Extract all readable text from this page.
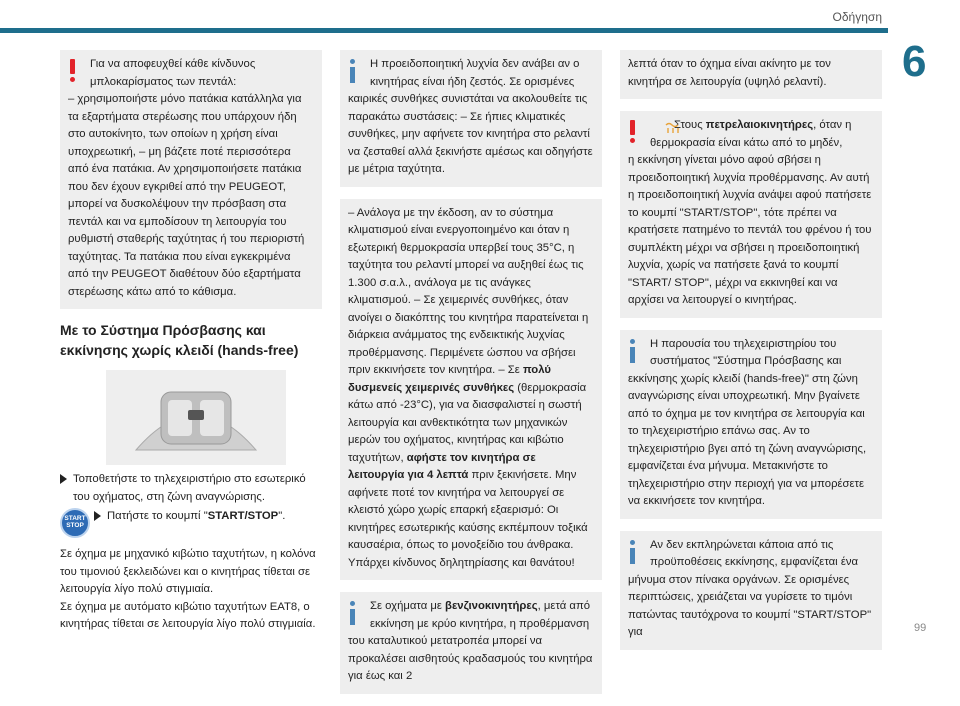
Οδήγηση
6

Για να αποφευχθεί κάθε κίνδυνος

μπλοκαρίσματος των πεντάλ:

– χρησιμοποιήστε μόνο πατάκια κατάλληλα για τα εξαρτήματα στερέωσης που υπάρχουν ήδη στο αυτοκίνητο, των οποίων η χρήση είναι υποχρεωτική, – μη βάζετε ποτέ περισσότερα από ένα πατάκια. Αν χρησιμοποιήσετε πατάκια που δεν έχουν εγκριθεί από την PEUGEOT, μπορεί να δυσκολέψουν την πρόσβαση στα πεντάλ και να εμποδίσουν τη λειτουργία του ρυθμιστή σταθερής ταχύτητας ή του περιοριστή ταχύτητας. Τα πατάκια που είναι εγκεκριμένα από την PEUGEOT διαθέτουν δύο εξαρτήματα στερέωσης κάτω από το κάθισμα.

Με το Σύστημα Πρόσβασης και εκκίνησης χωρίς κλειδί (hands-free)
Τοποθετήστε το τηλεχειριστήριο στο εσωτερικό του οχήματος, στη ζώνη αναγνώρισης.
START
STOP
Πατήστε το κουμπί "START/STOP".

Σε όχημα με μηχανικό κιβώτιο ταχυτήτων, η κολόνα του τιμονιού ξεκλειδώνει και ο κινητήρας τίθεται σε λειτουργία λίγο πολύ στιγμιαία.

Σε όχημα με αυτόματο κιβώτιο ταχυτήτων EAT8, ο κινητήρας τίθεται σε λειτουργία λίγο πολύ στιγμιαία.

Η προειδοποιητική λυχνία δεν ανάβει αν ο

κινητήρας είναι ήδη ζεστός. Σε ορισμένες

καιρικές συνθήκες συνιστάται να ακολουθείτε τις παρακάτω συστάσεις: – Σε ήπιες κλιματικές συνθήκες, μην αφήνετε τον κινητήρα στο ρελαντί να ζεσταθεί αλλά ξεκινήστε αμέσως και οδηγήστε με μέτρια ταχύτητα.

– Ανάλογα με την έκδοση, αν το σύστημα κλιματισμού είναι ενεργοποιημένο και όταν η εξωτερική θερμοκρασία υπερβεί τους 35°C, η ταχύτητα του ρελαντί μπορεί να αυξηθεί έως τις 1.300 σ.α.λ., ανάλογα με τις ανάγκες κλιματισμού. – Σε χειμερινές συνθήκες, όταν ανοίγει ο διακόπτης του κινητήρα παρατείνεται η διάρκεια ανάμματος της ενδεικτικής λυχνίας προθέρμανσης. Περιμένετε ώσπου να σβήσει πριν εκκινήσετε τον κινητήρα. – Σε πολύ δυσμενείς χειμερινές συνθήκες (θερμοκρασία κάτω από -23°C), για να διασφαλιστεί η σωστή λειτουργία και ανθεκτικότητα των μηχανικών μερών του οχήματος, κινητήρας και κιβώτιο ταχυτήτων, αφήστε τον κινητήρα σε λειτουργία για 4 λεπτά πριν ξεκινήσετε. Μην αφήνετε ποτέ τον κινητήρα να λειτουργεί σε κλειστό χώρο χωρίς επαρκή εξαερισμό: Οι κινητήρες εσωτερικής καύσης εκπέμπουν τοξικά καυσαέρια, όπως το μονοξείδιο του άνθρακα. Υπάρχει κίνδυνος δηλητηρίασης και θανάτου!

Σε οχήματα με βενζινοκινητήρες, μετά από

εκκίνηση με κρύο κινητήρα, η προθέρμανση

του καταλυτικού μετατροπέα μπορεί να προκαλέσει αισθητούς κραδασμούς του κινητήρα για έως και 2

λεπτά όταν το όχημα είναι ακίνητο με τον κινητήρα σε λειτουργία (υψηλό ρελαντί).

Στους πετρελαιοκινητήρες, όταν η

θερμοκρασία είναι κάτω από το μηδέν,

η εκκίνηση γίνεται μόνο αφού σβήσει η προειδοποιητική λυχνία προθέρμανσης. Αν αυτή η προειδοποιητική λυχνία ανάψει αφού πατήσετε το κουμπί "START/STOP", τότε πρέπει να κρατήσετε πατημένο το πεντάλ του φρένου ή του συμπλέκτη μέχρι να σβήσει η προειδοποιητική λυχνία, χωρίς να πατήσετε ξανά το κουμπί "START/ STOP", μέχρι να εκκινηθεί και να αρχίσει να λειτουργεί ο κινητήρας.

Η παρουσία του τηλεχειριστηρίου του

συστήματος "Σύστημα Πρόσβασης και

εκκίνησης χωρίς κλειδί (hands-free)" στη ζώνη αναγνώρισης είναι υποχρεωτική. Μην βγαίνετε από το όχημα με τον κινητήρα σε λειτουργία και το τηλεχειριστήριο επάνω σας. Αν το τηλεχειριστήριο βγει από τη ζώνη αναγνώρισης, εμφανίζεται ένα μήνυμα. Μετακινήστε το τηλεχειριστήριο στην περιοχή για να μπορέσετε να εκκινήσετε τον κινητήρα.

Αν δεν εκπληρώνεται κάποια από τις

προϋποθέσεις εκκίνησης, εμφανίζεται ένα

μήνυμα στον πίνακα οργάνων. Σε ορισμένες περιπτώσεις, χρειάζεται να γυρίσετε το τιμόνι πατώντας ταυτόχρονα το κουμπί "START/STOP" για	99
